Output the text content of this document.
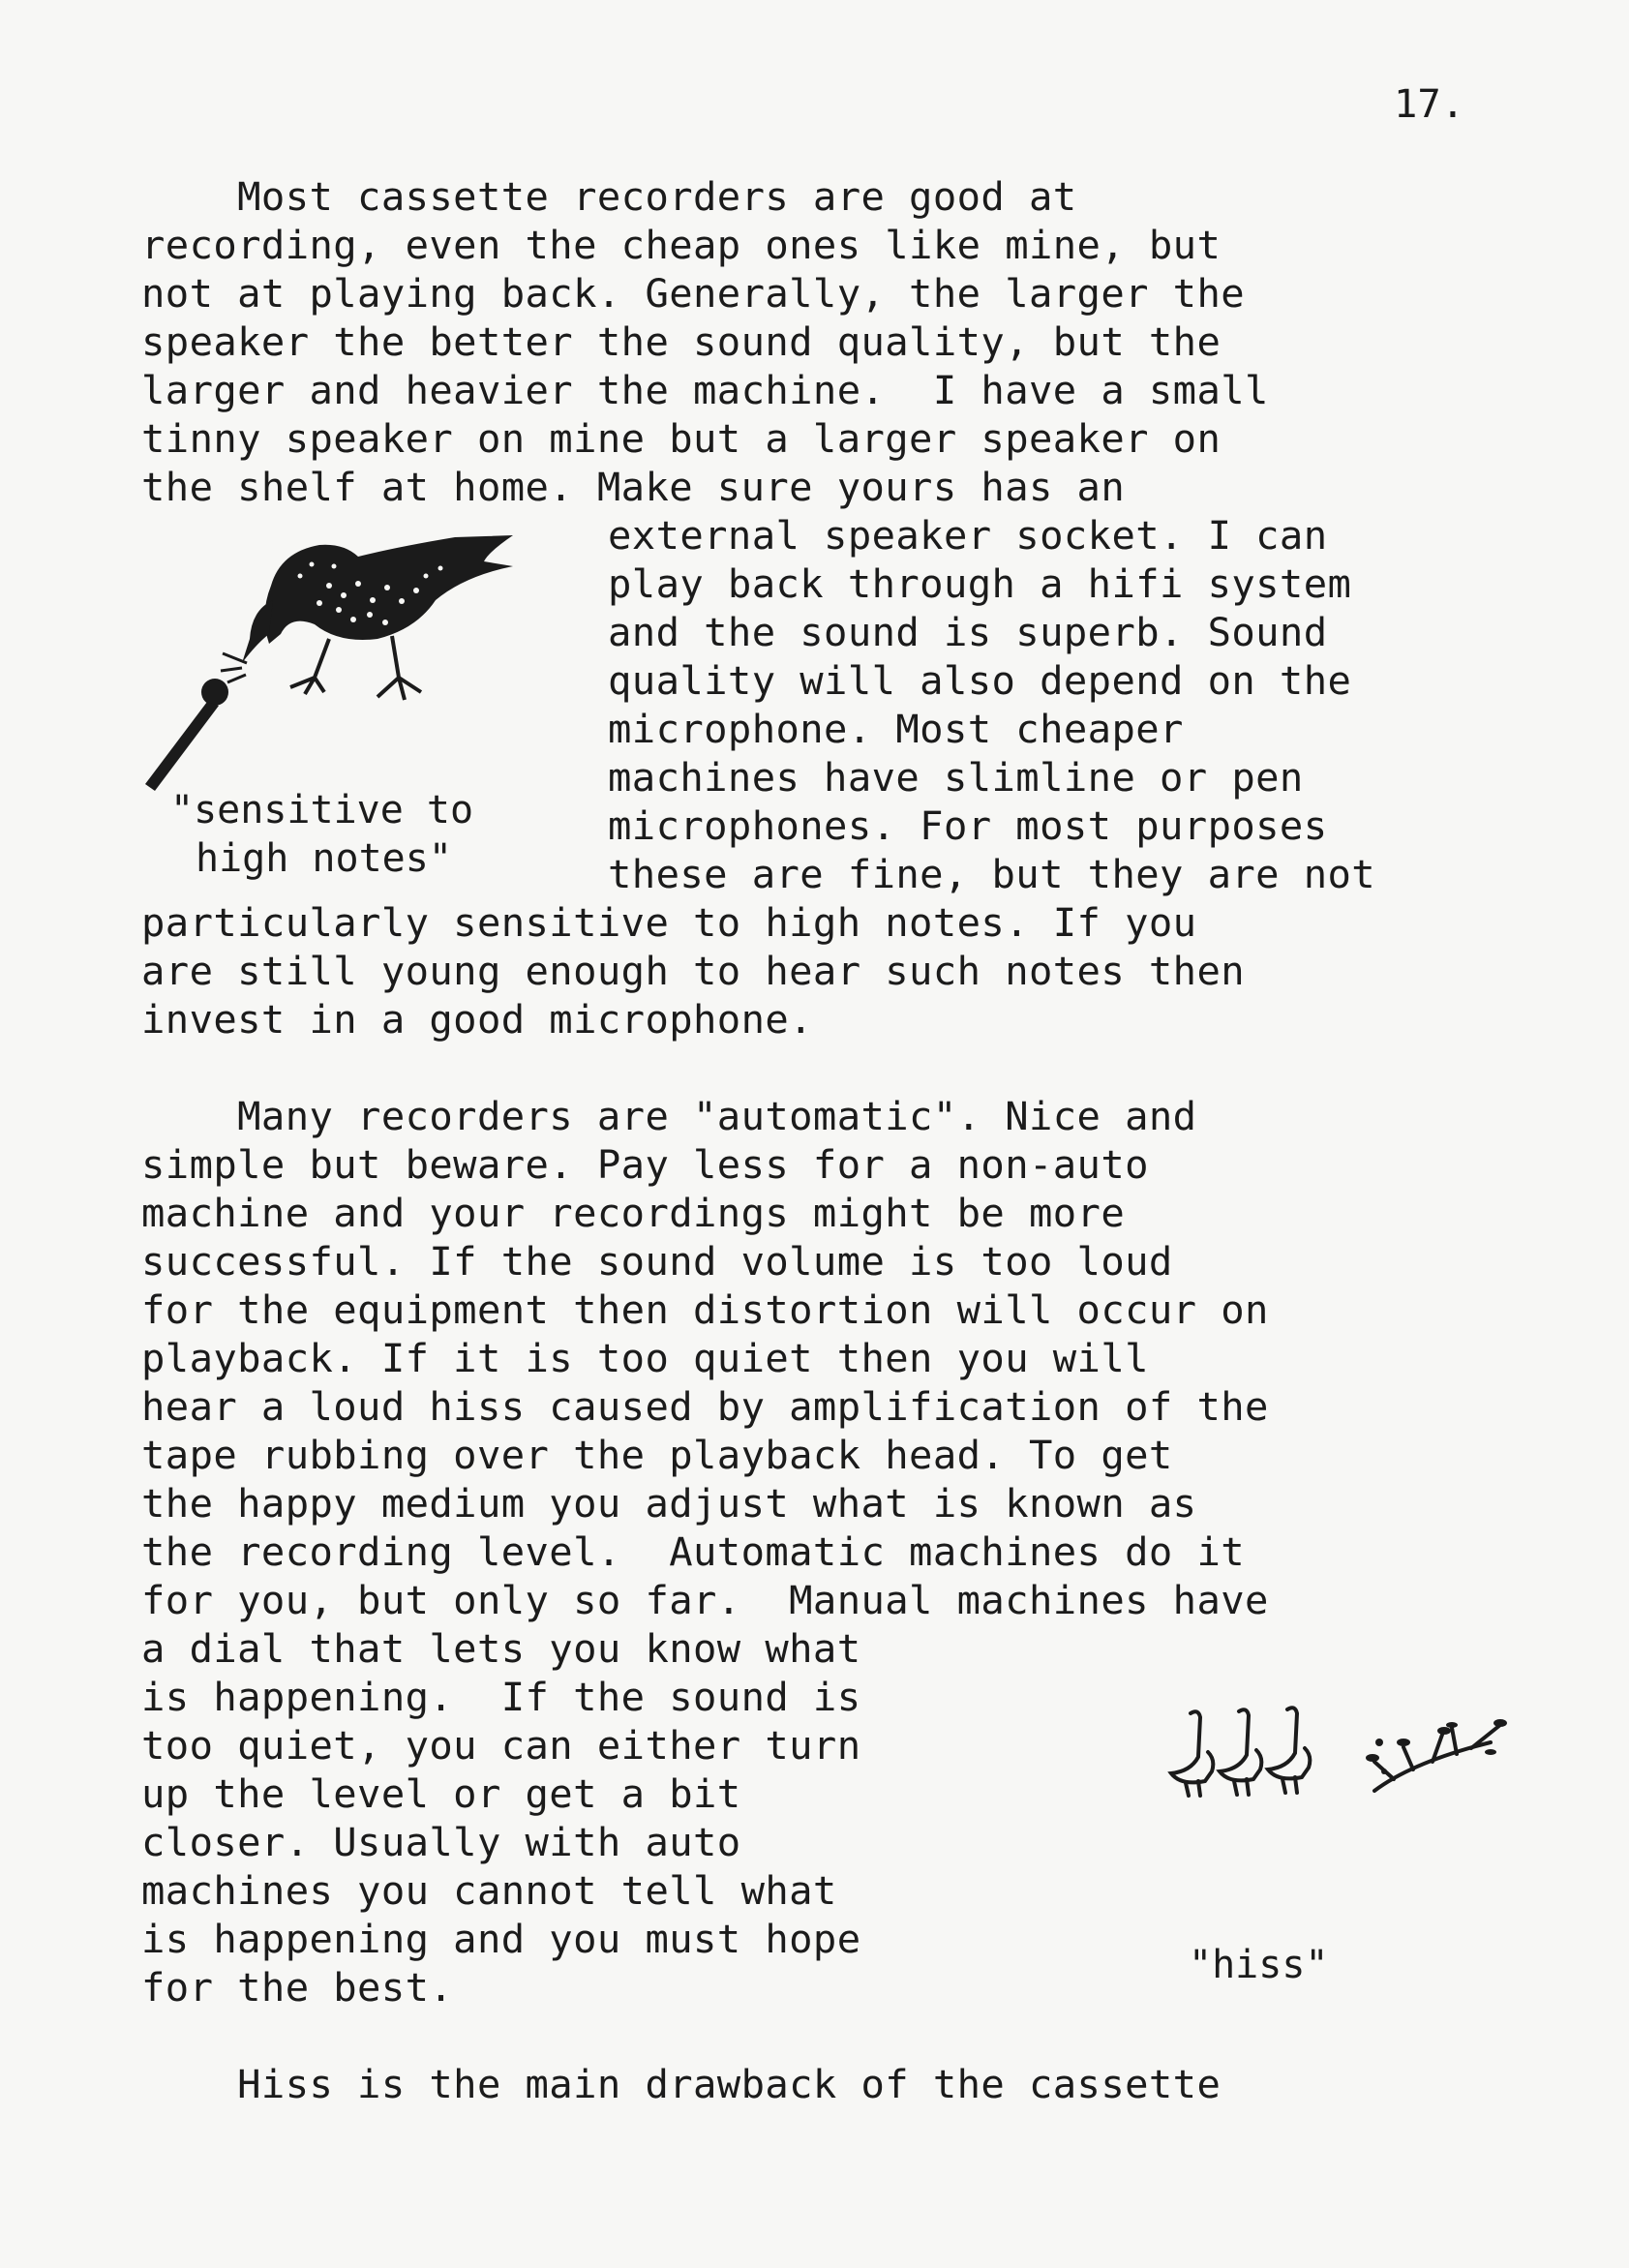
17.
Most cassette recorders are good at
recording, even the cheap ones like mine, but
not at playing back. Generally, the larger the
speaker the better the sound quality, but the
larger and heavier the machine.  I have a small
tinny speaker on mine but a larger speaker on
the shelf at home. Make sure yours has an
external speaker socket. I can
play back through a hifi system
and the sound is superb. Sound
quality will also depend on the
microphone. Most cheaper
machines have slimline or pen
microphones. For most purposes
these are fine, but they are not
particularly sensitive to high notes. If you
are still young enough to hear such notes then
invest in a good microphone.
"sensitive to
high notes"
Many recorders are "automatic". Nice and
simple but beware. Pay less for a non-auto
machine and your recordings might be more
successful. If the sound volume is too loud
for the equipment then distortion will occur on
playback. If it is too quiet then you will
hear a loud hiss caused by amplification of the
tape rubbing over the playback head. To get
the happy medium you adjust what is known as
the recording level.  Automatic machines do it
for you, but only so far.  Manual machines have
a dial that lets you know what
is happening.  If the sound is
too quiet, you can either turn
up the level or get a bit
closer. Usually with auto
machines you cannot tell what
is happening and you must hope
for the best.	"hiss"
Hiss is the main drawback of the cassette
